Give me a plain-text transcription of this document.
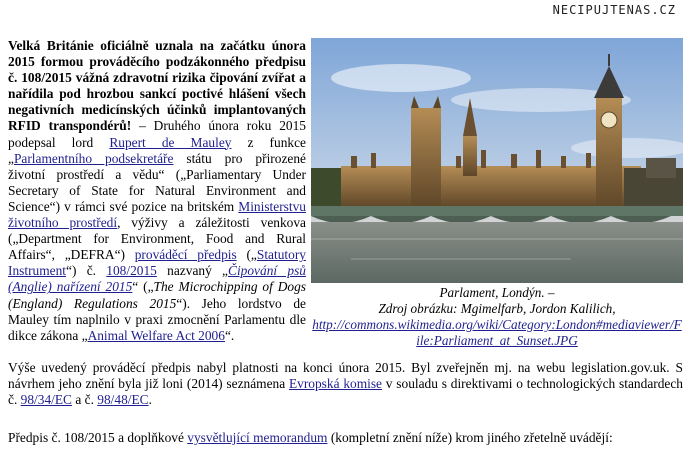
NECIPUJTENAS.CZ
Velká Británie oficiálně uznala na začátku února 2015 formou prováděcího podzákonného předpisu č. 108/2015 vážná zdravotní rizika čipování zvířat a nařídila pod hrozbou sankcí poctivé hlášení všech negativních medicínských účinků implantovaných RFID transpondérů! – Druhého února roku 2015 podepsal lord Rupert de Mauley z funkce „Parlamentního podsekretáře státu pro přirozené životní prostředí a vědu“ („Parliamentary Under Secretary of State for Natural Environment and Science“) v rámci své pozice na britském Ministerstvu životního prostředí, výživy a záležitosti venkova („Department for Environment, Food and Rural Affairs“, „DEFRA“) prováděcí předpis („Statutory Instrument“) č. 108/2015 nazvaný „Čipování psů (Anglie) nařízení 2015“ („The Microchipping of Dogs (England) Regulations 2015“). Jeho lordstvo de Mauley tím naplnilo v praxi zmocnění Parlamentu dle dikce zákona „Animal Welfare Act 2006“.
Parlament, Londýn. –
Zdroj obrázku: Mgimelfarb, Jordon Kalilich,
http://commons.wikimedia.org/wiki/Category:London#mediaviewer/File:Parliament_at_Sunset.JPG
Výše uvedený prováděcí předpis nabyl platnosti na konci února 2015. Byl zveřejněn mj. na webu legislation.gov.uk. S návrhem jeho znění byla již loni (2014) seznámena Evropská komise v souladu s direktivami o technologických standardech č. 98/34/EC a č. 98/48/EC.
Předpis č. 108/2015 a doplňkové vysvětlující memorandum (kompletní znění níže) krom jiného zřetelně uvádějí:
